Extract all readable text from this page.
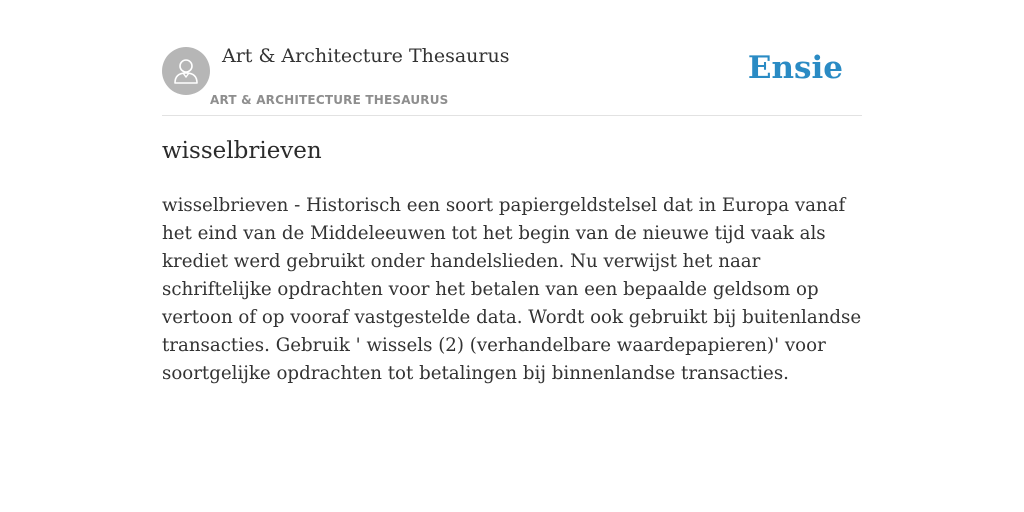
Art & Architecture Thesaurus
ART & ARCHITECTURE THESAURUS
Ensie
wisselbrieven

wisselbrieven - Historisch een soort papiergeldstelsel dat in Europa vanaf het eind van de Middeleeuwen tot het begin van de nieuwe tijd vaak als krediet werd gebruikt onder handelslieden. Nu verwijst het naar schriftelijke opdrachten voor het betalen van een bepaalde geldsom op vertoon of op vooraf vastgestelde data. Wordt ook gebruikt bij buitenlandse transacties. Gebruik ' wissels (2) (verhandelbare waardepapieren)' voor soortgelijke opdrachten tot betalingen bij binnenlandse transacties.
